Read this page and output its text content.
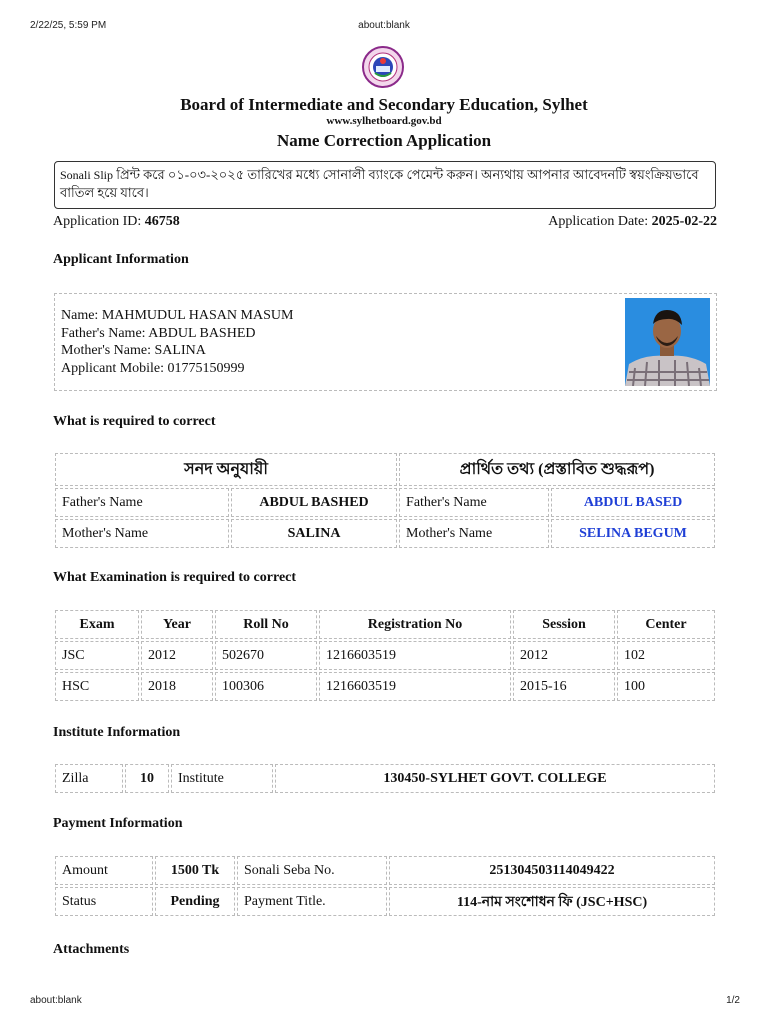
2/22/25, 5:59 PM	about:blank
Board of Intermediate and Secondary Education, Sylhet
www.sylhetboard.gov.bd
Name Correction Application
Sonali Slip প্রিন্ট করে ০১-০৩-২০২৫ তারিখের মধ্যে সোনালী ব্যাংকে পেমেন্ট করুন। অন্যথায় আপনার আবেদনটি স্বয়ংক্রিয়ভাবে বাতিল হয়ে যাবে।
Application ID: 46758	Application Date: 2025-02-22
Applicant Information
Name: MAHMUDUL HASAN MASUM
Father's Name: ABDUL BASHED
Mother's Name: SALINA
Applicant Mobile: 01775150999
What is required to correct
সনদ অনুযায়ী		প্রার্থিত তথ্য (প্রস্তাবিত শুদ্ধরূপ)	
Father's Name	ABDUL BASHED	Father's Name	ABDUL BASED
Mother's Name	SALINA	Mother's Name	SELINA BEGUM
What Examination is required to correct
Exam	Year	Roll No	Registration No	Session	Center
JSC	2012	502670	1216603519	2012	102
HSC	2018	100306	1216603519	2015-16	100
Institute Information
Zilla	10	Institute	130450-SYLHET GOVT. COLLEGE
Payment Information
Amount	1500 Tk	Sonali Seba No.	251304503114049422
Status	Pending	Payment Title.	114-নাম সংশোধন ফি (JSC+HSC)
Attachments
about:blank	1/2
